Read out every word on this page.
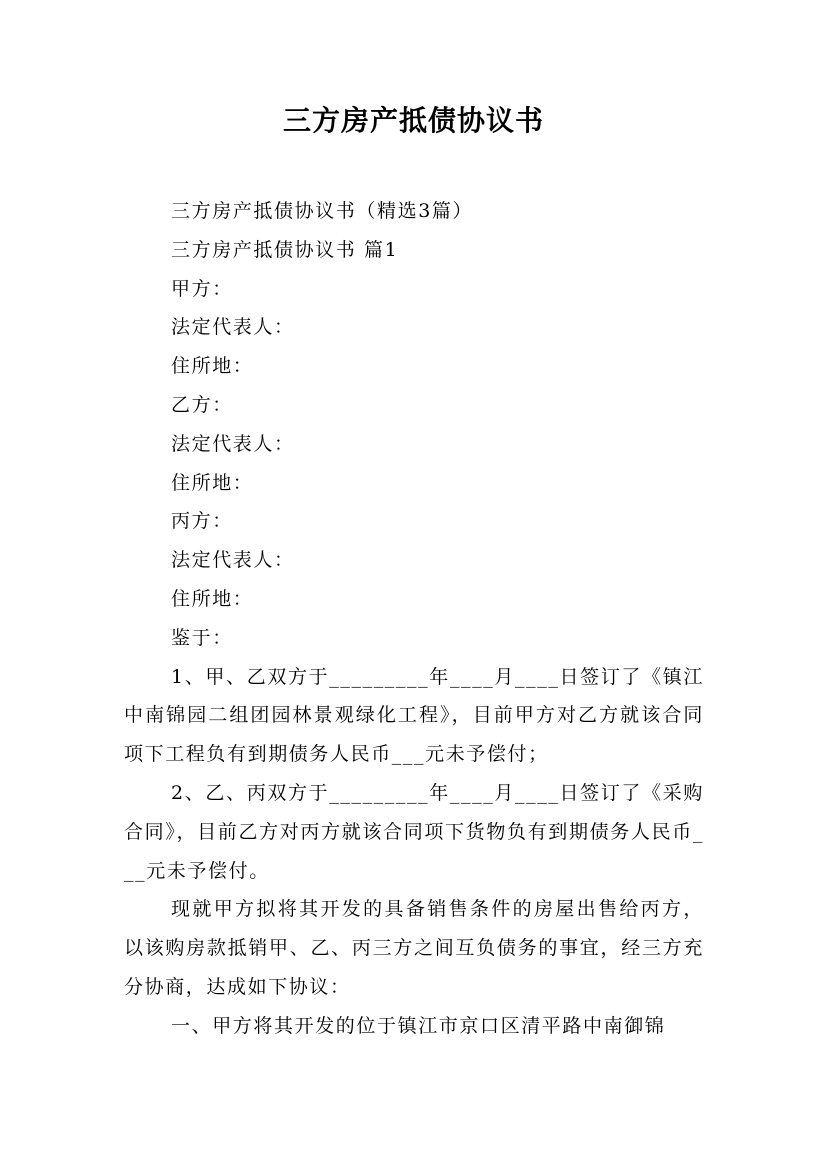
三方房产抵债协议书
三方房产抵债协议书（精选3篇）
三方房产抵债协议书 篇1
甲方：
法定代表人：
住所地：
乙方：
法定代表人：
住所地：
丙方：
法定代表人：
住所地：
鉴于：
1、甲、乙双方于_________年____月____日签订了《镇江中南锦园二组团园林景观绿化工程》，目前甲方对乙方就该合同项下工程负有到期债务人民币___元未予偿付；
2、乙、丙双方于_________年____月____日签订了《采购合同》，目前乙方对丙方就该合同项下货物负有到期债务人民币___元未予偿付。
现就甲方拟将其开发的具备销售条件的房屋出售给丙方，以该购房款抵销甲、乙、丙三方之间互负债务的事宜，经三方充分协商，达成如下协议：
一、甲方将其开发的位于镇江市京口区清平路中南御锦
